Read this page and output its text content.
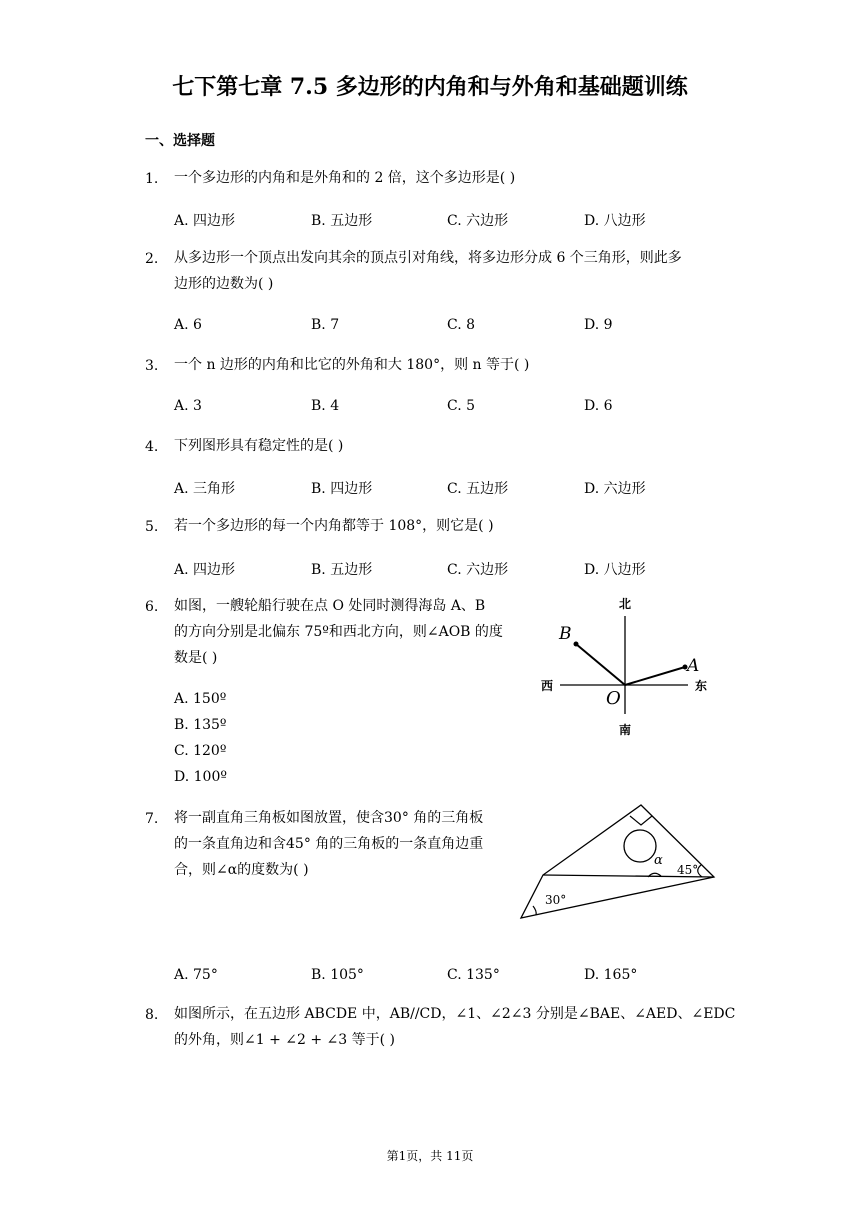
七下第七章 7.5 多边形的内角和与外角和基础题训练
一、选择题
1. 一个多边形的内角和是外角和的 2 倍，这个多边形是( )
A. 四边形	B. 五边形	C. 六边形	D. 八边形
2. 从多边形一个顶点出发向其余的顶点引对角线，将多边形分成 6 个三角形，则此多
边形的边数为( )
A. 6	B. 7	C. 8	D. 9
3. 一个 n 边形的内角和比它的外角和大 180°，则 n 等于( )
A. 3	B. 4	C. 5	D. 6
4. 下列图形具有稳定性的是( )
A. 三角形	B. 四边形	C. 五边形	D. 六边形
5. 若一个多边形的每一个内角都等于 108°，则它是( )
A. 四边形	B. 五边形	C. 六边形	D. 八边形
6. 如图，一艘轮船行驶在点 O 处同时测得海岛 A、B
的方向分别是北偏东 75º和西北方向，则∠AOB 的度
数是( )
A. 150º
B. 135º
C. 120º
D. 100º
北
南
西	东
B
A
O
7. 将一副直角三角板如图放置，使含30° 角的三角板
的一条直角边和含45° 角的三角板的一条直角边重
合，则∠α的度数为( )
α
45°
30°
A. 75°	B. 105°	C. 135°	D. 165°
8. 如图所示，在五边形 ABCDE 中，AB//CD，∠1、∠2∠3 分别是∠BAE、∠AED、∠EDC
的外角，则∠1 + ∠2 + ∠3 等于( )
第1页，共 11页
